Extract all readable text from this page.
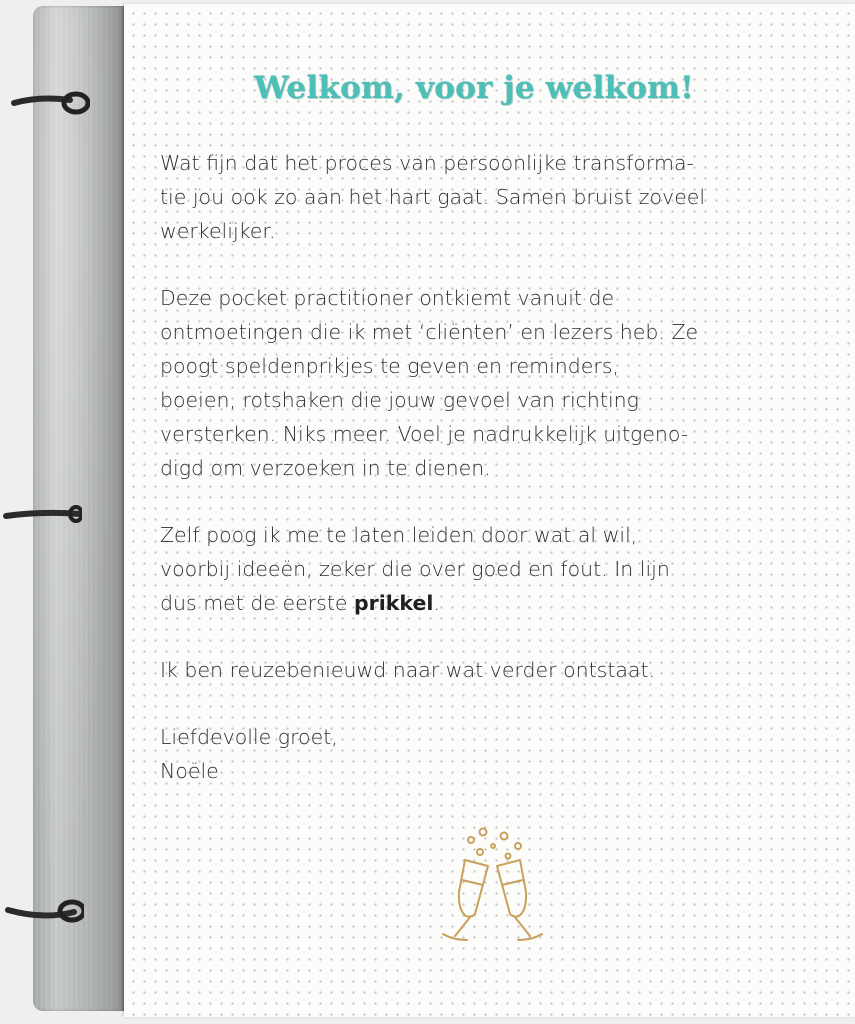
Welkom, voor je welkom!

Wat fijn dat het proces van persoonlijke transforma-
tie jou ook zo aan het hart gaat. Samen bruist zoveel
werkelijker.

Deze pocket practitioner ontkiemt vanuit de
ontmoetingen die ik met ‘cliënten’ en lezers heb. Ze
poogt speldenprikjes te geven en reminders,
boeien, rotshaken die jouw gevoel van richting
versterken. Niks meer. Voel je nadrukkelijk uitgeno-
digd om verzoeken in te dienen.

Zelf poog ik me te laten leiden door wat al wil,
voorbij ideeën, zeker die over goed en fout. In lijn
dus met de eerste prikkel.

Ik ben reuzebenieuwd naar wat verder ontstaat.

Liefdevolle groet,
Noële
